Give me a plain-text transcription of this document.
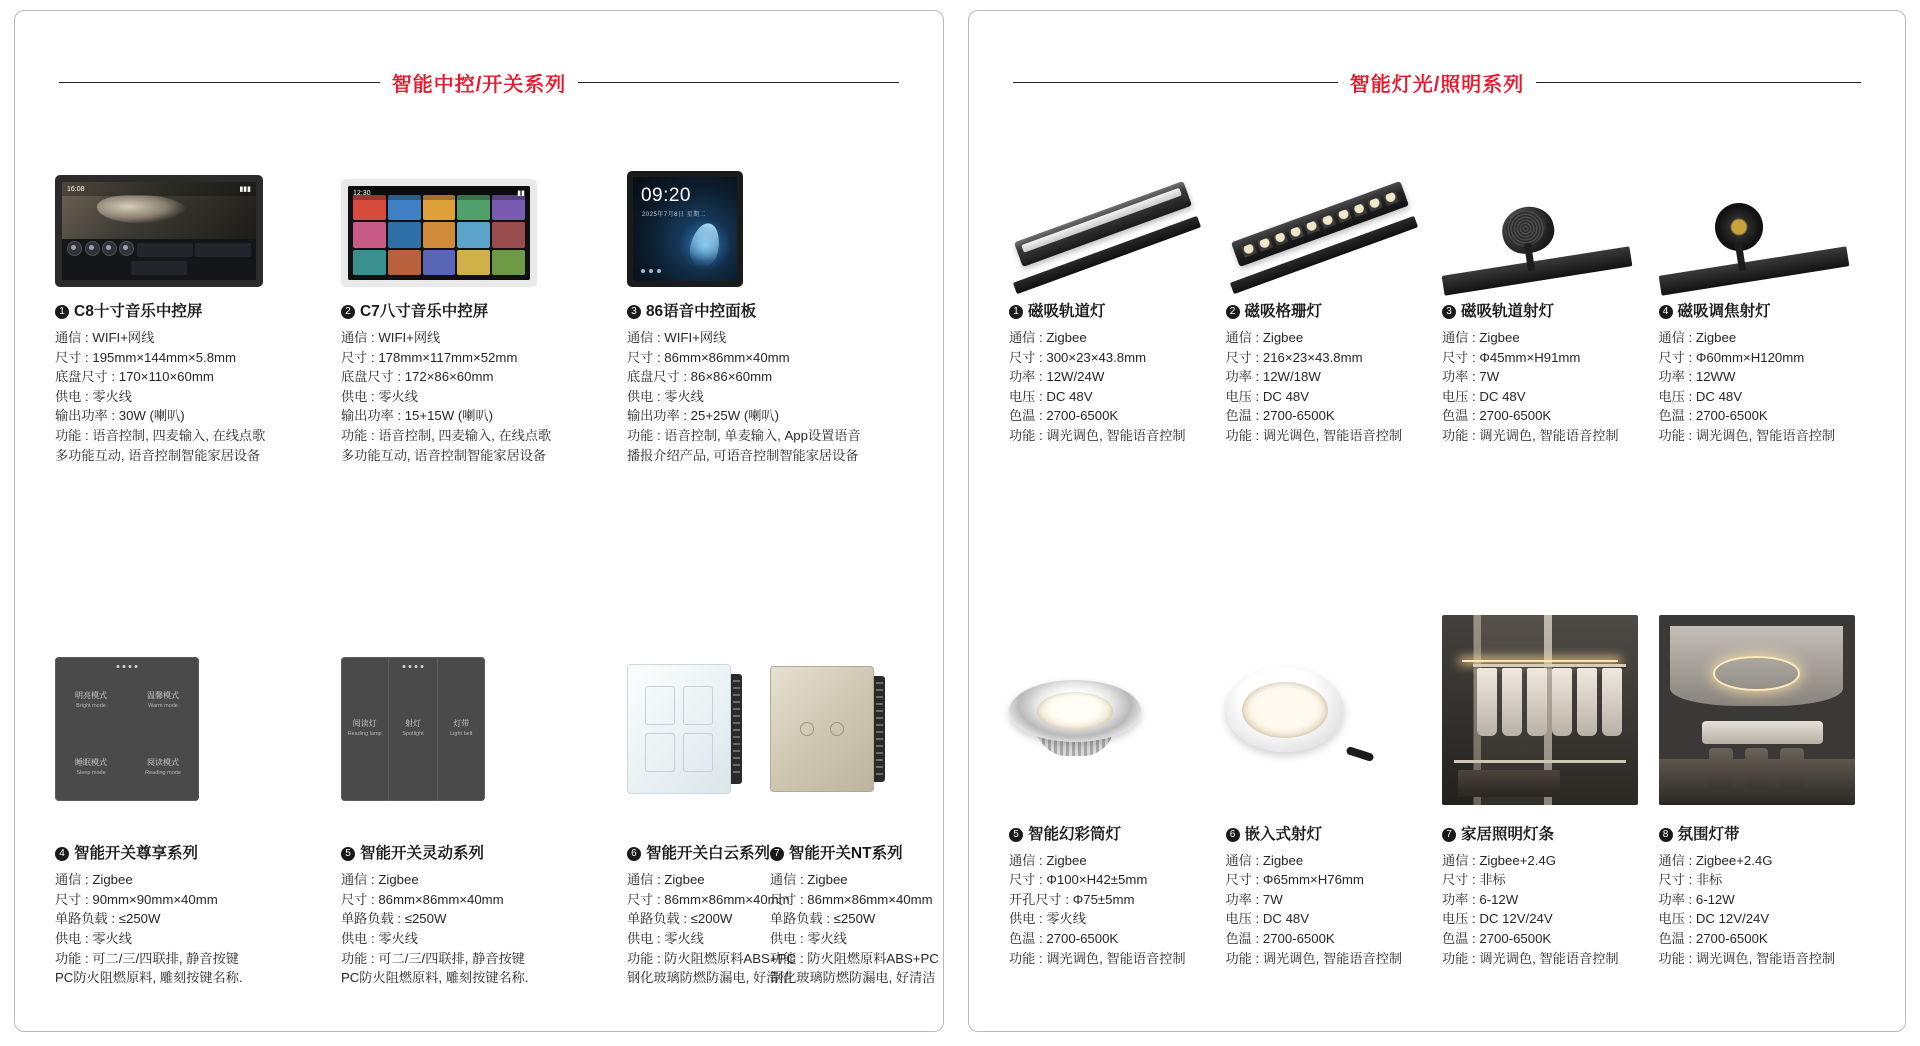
智能中控/开关系列
16:08	▮▮▮
1 C8十寸音乐中控屏
通信 : WIFI+网线
尺寸 : 195mm×144mm×5.8mm
底盘尺寸 : 170×110×60mm
供电 : 零火线
输出功率 : 30W (喇叭)
功能 : 语音控制, 四麦输入, 在线点歌
多功能互动, 语音控制智能家居设备
12:30	▮▮
2 C7八寸音乐中控屏
通信 : WIFI+网线
尺寸 : 178mm×117mm×52mm
底盘尺寸 : 172×86×60mm
供电 : 零火线
输出功率 : 15+15W (喇叭)
功能 : 语音控制, 四麦输入, 在线点歌
多功能互动, 语音控制智能家居设备
09:20
2025年7月8日 星期二
3 86语音中控面板
通信 : WIFI+网线
尺寸 : 86mm×86mm×40mm
底盘尺寸 : 86×86×60mm
供电 : 零火线
输出功率 : 25+25W (喇叭)
功能 : 语音控制, 单麦输入, App设置语音
播报介绍产品, 可语音控制智能家居设备
明亮模式
Bright mode
温馨模式
Warm mode
睡眠模式
Sleep mode
阅读模式
Reading mode
4 智能开关尊享系列
通信 : Zigbee
尺寸 : 90mm×90mm×40mm
单路负载 : ≤250W
供电 : 零火线
功能 : 可二/三/四联排, 静音按键
PC防火阻燃原料, 雕刻按键名称.
阅读灯
Reading lamp
射灯
Spotlight
灯带
Light belt
5 智能开关灵动系列
通信 : Zigbee
尺寸 : 86mm×86mm×40mm
单路负载 : ≤250W
供电 : 零火线
功能 : 可二/三/四联排, 静音按键
PC防火阻燃原料, 雕刻按键名称.
6 智能开关白云系列
通信 : Zigbee
尺寸 : 86mm×86mm×40mm
单路负载 : ≤200W
供电 : 零火线
功能 : 防火阻燃原料ABS+PC
钢化玻璃防燃防漏电, 好清洁
7 智能开关NT系列
通信 : Zigbee
尺寸 : 86mm×86mm×40mm
单路负载 : ≤250W
供电 : 零火线
功能 : 防火阻燃原料ABS+PC
钢化玻璃防燃防漏电, 好清洁
智能灯光/照明系列
1 磁吸轨道灯
通信 : Zigbee
尺寸 : 300×23×43.8mm
功率 : 12W/24W
电压 : DC 48V
色温 : 2700-6500K
功能 : 调光调色, 智能语音控制
2 磁吸格珊灯
通信 : Zigbee
尺寸 : 216×23×43.8mm
功率 : 12W/18W
电压 : DC 48V
色温 : 2700-6500K
功能 : 调光调色, 智能语音控制
3 磁吸轨道射灯
通信 : Zigbee
尺寸 : Φ45mm×H91mm
功率 : 7W
电压 : DC 48V
色温 : 2700-6500K
功能 : 调光调色, 智能语音控制
4 磁吸调焦射灯
通信 : Zigbee
尺寸 : Φ60mm×H120mm
功率 : 12WW
电压 : DC 48V
色温 : 2700-6500K
功能 : 调光调色, 智能语音控制
5 智能幻彩筒灯
通信 : Zigbee
尺寸 : Φ100×H42±5mm
开孔尺寸 : Φ75±5mm
供电 : 零火线
色温 : 2700-6500K
功能 : 调光调色, 智能语音控制
6 嵌入式射灯
通信 : Zigbee
尺寸 : Φ65mm×H76mm
功率 : 7W
电压 : DC 48V
色温 : 2700-6500K
功能 : 调光调色, 智能语音控制
7 家居照明灯条
通信 : Zigbee+2.4G
尺寸 : 非标
功率 : 6-12W
电压 : DC 12V/24V
色温 : 2700-6500K
功能 : 调光调色, 智能语音控制
8 氛围灯带
通信 : Zigbee+2.4G
尺寸 : 非标
功率 : 6-12W
电压 : DC 12V/24V
色温 : 2700-6500K
功能 : 调光调色, 智能语音控制
